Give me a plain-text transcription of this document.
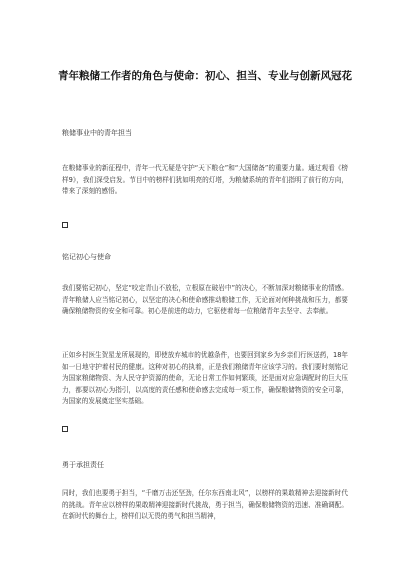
青年粮储工作者的角色与使命：初心、担当、专业与创新风冠花
粮储事业中的青年担当

在粮储事业的新征程中，青年一代无疑是守护“天下粮仓”和“大国储备”的重要力量。通过观看《榜样9》，我们深受启发。节目中的榜样们犹如明亮的灯塔，为粮储系统的青年们指明了前行的方向，带来了深刻的感悟。

铭记初心与使命

我们要铭记初心，坚定“咬定青山不放松，立根原在破岩中”的决心，不断加深对粮储事业的情感。青年粮储人应当铭记初心，以坚定的决心和使命感推动粮储工作，无论面对何种挑战和压力，都要确保粮储物资的安全和可靠。初心是前进的动力，它驱使着每一位粮储青年去坚守、去奉献。

正如乡村医生贺星龙所展现的，即使放弃城市的优越条件，也要回到家乡为乡亲们行医送药，18年如一日地守护着村民的健康。这种对初心的执着，正是我们粮储青年应该学习的。我们要时刻铭记为国家粮储物资、为人民守护资源的使命，无论日常工作如何繁琐，还是面对应急调配时的巨大压力，都要以初心为指引，以高度的责任感和使命感去完成每一项工作，确保粮储物资的安全可靠，为国家的发展奠定坚实基础。

勇于承担责任

同时，我们也要勇于担当，“千磨万击还坚劲，任尔东西南北风”，以榜样的果敢精神去迎接新时代的挑战。青年应以榜样的果敢精神迎接新时代挑战，勇于担当，确保粮储物资的迅速、准确调配。在新时代的舞台上，榜样们以无畏的勇气和担当精神，
